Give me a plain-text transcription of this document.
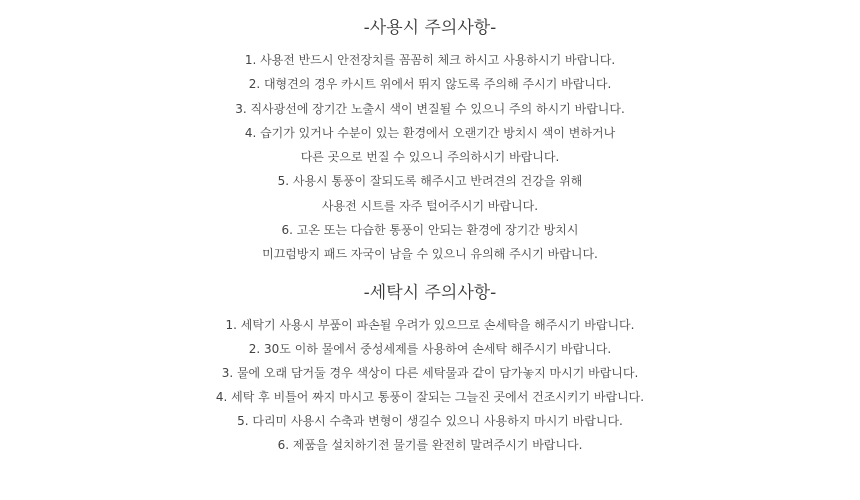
-사용시 주의사항-
1. 사용전 반드시 안전장치를 꼼꼼히 체크 하시고 사용하시기 바랍니다.
2. 대형견의 경우 카시트 위에서 뛰지 않도록 주의해 주시기 바랍니다.
3. 직사광선에 장기간 노출시 색이 변질될 수 있으니 주의 하시기 바랍니다.
4. 습기가 있거나 수분이 있는 환경에서 오랜기간 방치시 색이 변하거나
다른 곳으로 번질 수 있으니 주의하시기 바랍니다.
5. 사용시 통풍이 잘되도록 해주시고 반려견의 건강을 위해
사용전 시트를 자주 털어주시기 바랍니다.
6. 고온 또는 다습한 통풍이 안되는 환경에 장기간 방치시
미끄럼방지 패드 자국이 남을 수 있으니 유의해 주시기 바랍니다.
-세탁시 주의사항-
1. 세탁기 사용시 부품이 파손될 우려가 있으므로 손세탁을 해주시기 바랍니다.
2. 30도 이하 물에서 중성세제를 사용하여 손세탁 해주시기 바랍니다.
3. 물에 오래 담거둘 경우 색상이 다른 세탁물과 같이 담가놓지 마시기 바랍니다.
4. 세탁 후 비틀어 짜지 마시고 통풍이 잘되는 그늘진 곳에서 건조시키기 바랍니다.
5. 다리미 사용시 수축과 변형이 생길수 있으니 사용하지 마시기 바랍니다.
6. 제품을 설치하기전 물기를 완전히 말려주시기 바랍니다.
